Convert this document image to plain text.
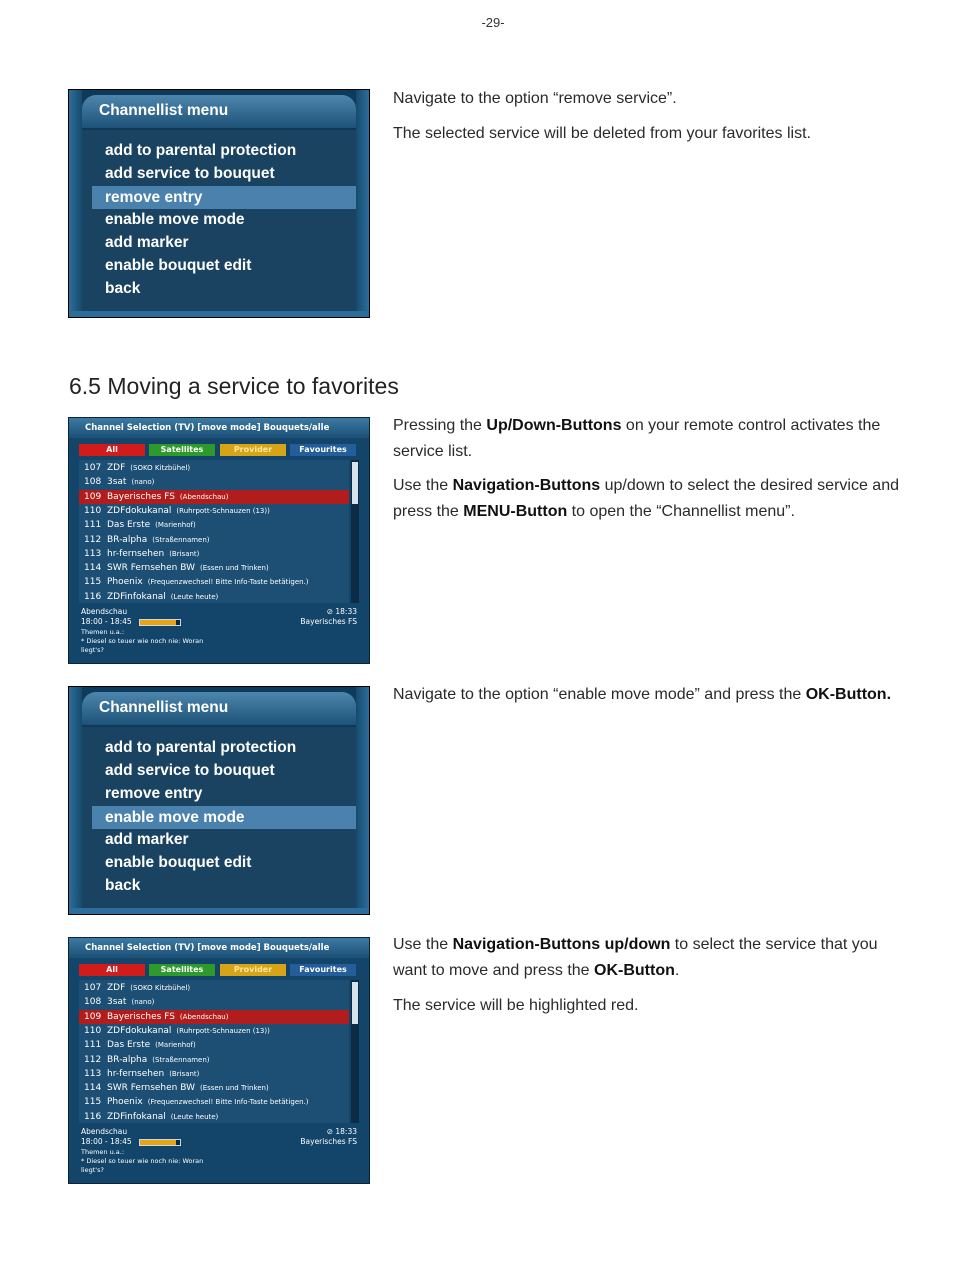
-29-
Channellist menu
add to parental protection
add service to bouquet
remove entry
enable move mode
add marker
enable bouquet edit
back

Navigate to the option “remove service”.

The selected service will be deleted from your favorites list.

6.5 Moving a service to favorites
Channel Selection (TV) [move mode] Bouquets/alle
All	Satellites	Provider	Favourites
107 ZDF (SOKO Kitzbühel)
108 3sat (nano)
109 Bayerisches FS (Abendschau)
110 ZDFdokukanal (Ruhrpott-Schnauzen (13))
111 Das Erste (Marienhof)
112 BR-alpha (Straßennamen)
113 hr-fernsehen (Brisant)
114 SWR Fernsehen BW (Essen und Trinken)
115 Phoenix (Frequenzwechsel! Bitte Info-Taste betätigen.)
116 ZDFinfokanal (Leute heute)
Abendschau
18:00 - 18:45
⊘ 18:33
Bayerisches FS
Themen u.a.:
* Diesel so teuer wie noch nie: Woran
liegt's?

Pressing the Up/Down-Buttons on your remote control activates the service list.

Use the Navigation-Buttons up/down to select the desired service and press the MENU-Button to open the “Channellist menu”.

Channellist menu
add to parental protection
add service to bouquet
remove entry
enable move mode
add marker
enable bouquet edit
back

Navigate to the option “enable move mode” and press the OK-Button.

Channel Selection (TV) [move mode] Bouquets/alle
All	Satellites	Provider	Favourites
107 ZDF (SOKO Kitzbühel)
108 3sat (nano)
109 Bayerisches FS (Abendschau)
110 ZDFdokukanal (Ruhrpott-Schnauzen (13))
111 Das Erste (Marienhof)
112 BR-alpha (Straßennamen)
113 hr-fernsehen (Brisant)
114 SWR Fernsehen BW (Essen und Trinken)
115 Phoenix (Frequenzwechsel! Bitte Info-Taste betätigen.)
116 ZDFinfokanal (Leute heute)
Abendschau
18:00 - 18:45
⊘ 18:33
Bayerisches FS
Themen u.a.:
* Diesel so teuer wie noch nie: Woran
liegt's?

Use the Navigation-Buttons up/down to select the service that you want to move and press the OK-Button.

The service will be highlighted red.
